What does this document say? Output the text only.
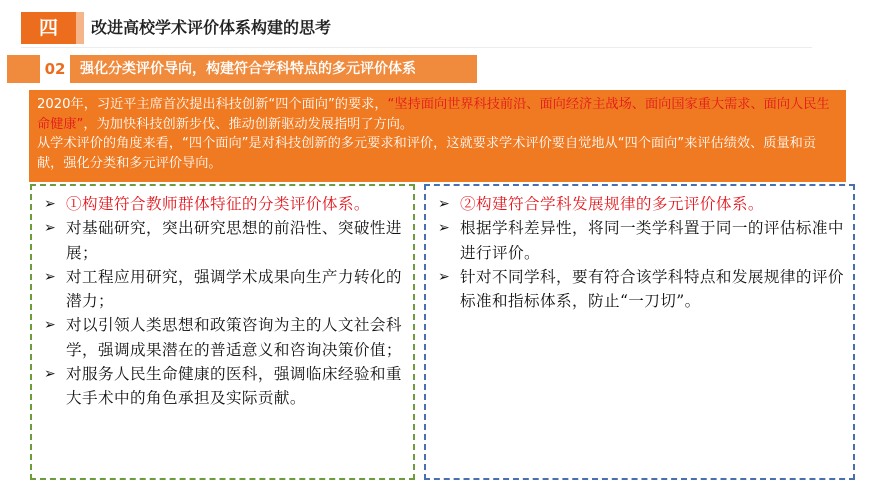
四	改进高校学术评价体系构建的思考
02	强化分类评价导向，构建符合学科特点的多元评价体系
2020年，习近平主席首次提出科技创新“四个面向”的要求，“坚持面向世界科技前沿、面向经济主战场、面向国家重大需求、面向人民生命健康”，为加快科技创新步伐、推动创新驱动发展指明了方向。
从学术评价的角度来看，“四个面向”是对科技创新的多元要求和评价，这就要求学术评价要自觉地从“四个面向”来评估绩效、质量和贡献，强化分类和多元评价导向。
➢ ①构建符合教师群体特征的分类评价体系。
➢ 对基础研究，突出研究思想的前沿性、突破性进展；
➢ 对工程应用研究，强调学术成果向生产力转化的潜力；
➢ 对以引领人类思想和政策咨询为主的人文社会科学，强调成果潜在的普适意义和咨询决策价值；
➢ 对服务人民生命健康的医科，强调临床经验和重大手术中的角色承担及实际贡献。
➢ ②构建符合学科发展规律的多元评价体系。
➢ 根据学科差异性，将同一类学科置于同一的评估标准中进行评价。
➢ 针对不同学科，要有符合该学科特点和发展规律的评价标准和指标体系，防止“一刀切”。
